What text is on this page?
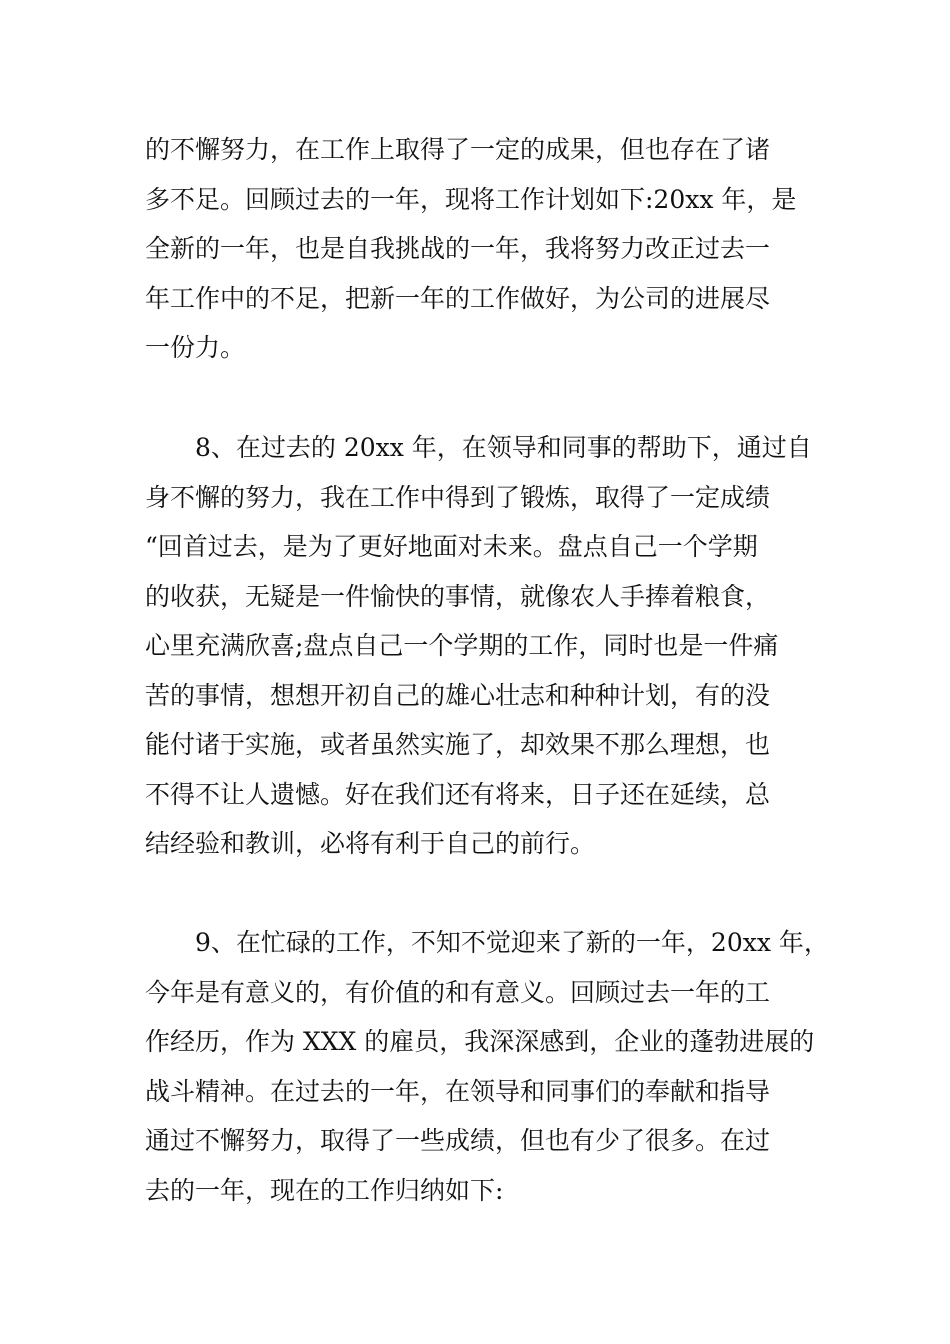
的不懈努力，在工作上取得了一定的成果，但也存在了诸
多不足。回顾过去的一年，现将工作计划如下:20xx 年，是
全新的一年，也是自我挑战的一年，我将努力改正过去一
年工作中的不足，把新一年的工作做好，为公司的进展尽
一份力。
　　8、在过去的 20xx 年，在领导和同事的帮助下，通过自
身不懈的努力，我在工作中得到了锻炼，取得了一定成绩
“回首过去，是为了更好地面对未来。盘点自己一个学期
的收获，无疑是一件愉快的事情，就像农人手捧着粮食，
心里充满欣喜;盘点自己一个学期的工作，同时也是一件痛
苦的事情，想想开初自己的雄心壮志和种种计划，有的没
能付诸于实施，或者虽然实施了，却效果不那么理想，也
不得不让人遗憾。好在我们还有将来，日子还在延续，总
结经验和教训，必将有利于自己的前行。
　　9、在忙碌的工作，不知不觉迎来了新的一年，20xx 年，
今年是有意义的，有价值的和有意义。回顾过去一年的工
作经历，作为 XXX 的雇员，我深深感到，企业的蓬勃进展的
战斗精神。在过去的一年，在领导和同事们的奉献和指导
通过不懈努力，取得了一些成绩，但也有少了很多。在过
去的一年，现在的工作归纳如下:
